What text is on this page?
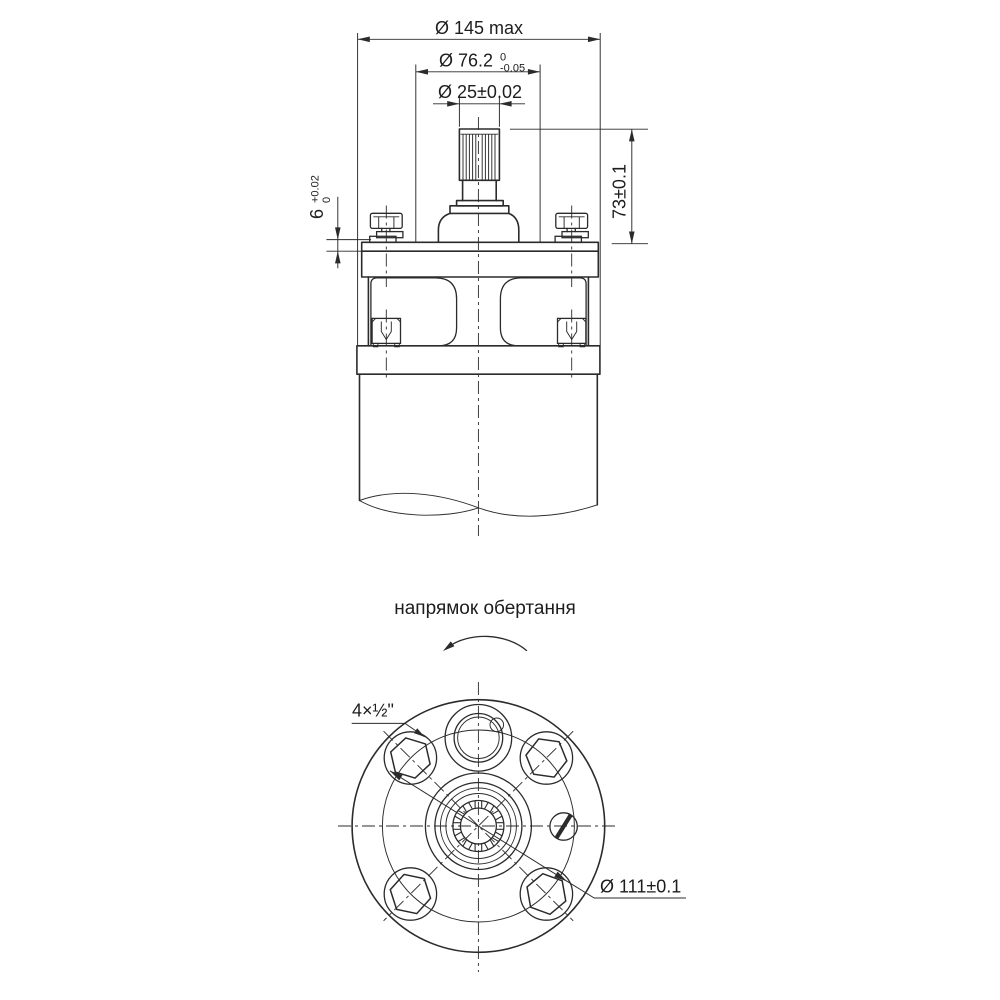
Ø 145 max
Ø 76.2 0
-0.05
Ø 25±0.02
73±0.1
6
+0.02 0
напрямок обертання
Ø 111±0.1
4×½"
